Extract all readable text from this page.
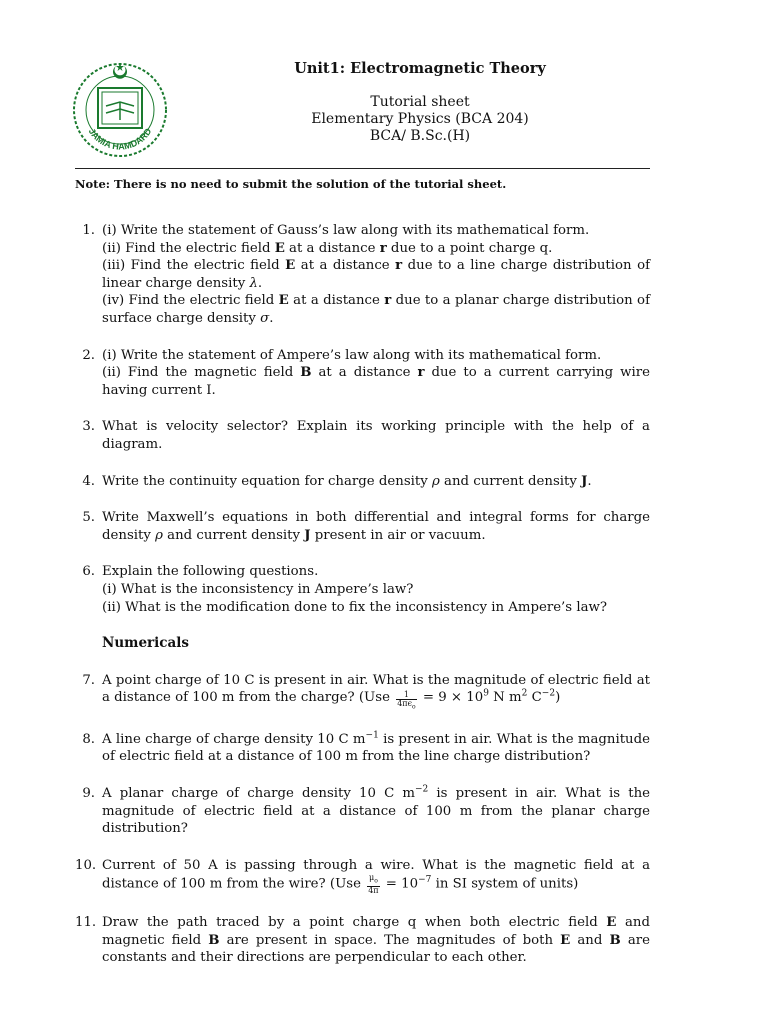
JAMIA HAMDARD
Unit1: Electromagnetic Theory
Tutorial sheet
Elementary Physics (BCA 204)
BCA/ B.Sc.(H)
Note: There is no need to submit the solution of the tutorial sheet.
1. (i) Write the statement of Gauss’s law along with its mathematical form.
(ii) Find the electric field E at a distance r due to a point charge q.
(iii) Find the electric field E at a distance r due to a line charge distribution of linear charge density λ.
(iv) Find the electric field E at a distance r due to a planar charge distribution of surface charge density σ.
2. (i) Write the statement of Ampere’s law along with its mathematical form.
(ii) Find the magnetic field B at a distance r due to a current carrying wire having current I.
3. What is velocity selector? Explain its working principle with the help of a diagram.
4. Write the continuity equation for charge density ρ and current density J.
5. Write Maxwell’s equations in both differential and integral forms for charge density ρ and current density J present in air or vacuum.
6. Explain the following questions.
(i) What is the inconsistency in Ampere’s law?
(ii) What is the modification done to fix the inconsistency in Ampere’s law?
Numericals
7. A point charge of 10 C is present in air. What is the magnitude of electric field at a distance of 100 m from the charge? ($Use \frac{1}{4\pi\epsilon_o} = 9 \times 10^9$ N $m^2$ $C^{-2}$)
8. A line charge of charge density 10 C $m^{-1}$ is present in air. What is the magnitude of electric field at a distance of 100 m from the line charge distribution?
9. A planar charge of charge density 10 C $m^{-2}$ is present in air. What is the magnitude of electric field at a distance of 100 m from the planar charge distribution?
10. Current of 50 A is passing through a wire. What is the magnetic field at a distance of 100 m from the wire? ($Use \frac{\mu_o}{4\pi} = 10^{-7}$ in SI system of units)
11. Draw the path traced by a point charge q when both electric field E and magnetic field B are present in space. The magnitudes of both E and B are constants and their directions are perpendicular to each other.
